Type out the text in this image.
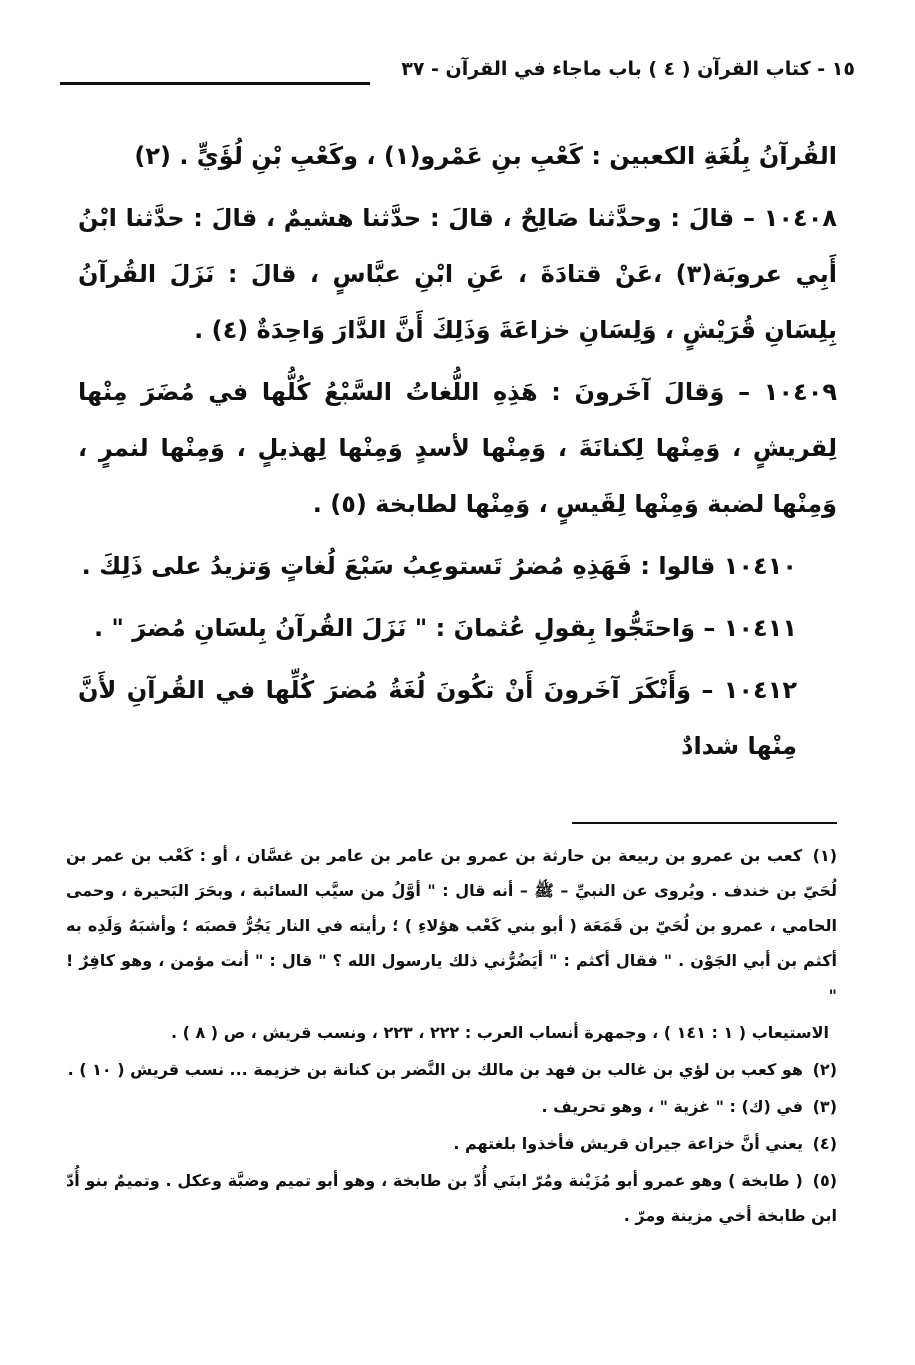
١٥ - كتاب القرآن ( ٤ ) باب ماجاء في القرآن - ٣٧

القُرآنُ بِلُغَةِ الكعبين : كَعْبِ بنِ عَمْرو(١) ، وكَعْبِ بْنِ لُؤَيٍّ . (٢)

١٠٤٠٨ – قالَ : وحدَّثنا صَالِحٌ ، قالَ : حدَّثنا هشيمٌ ، قالَ : حدَّثنا ابْنُ أَبِي عروبَة(٣) ،عَنْ قتادَةَ ، عَنِ ابْنِ عبَّاسٍ ، قالَ : نَزَلَ القُرآنُ بِلِسَانِ قُرَيْشٍ ، وَلِسَانِ خزاعَةَ وَذَلِكَ أَنَّ الدَّارَ وَاحِدَةٌ (٤) .

١٠٤٠٩ – وَقالَ آخَرونَ : هَذِهِ اللُّغاتُ السَّبْعُ كُلُّها في مُضَرَ مِنْها لِقريشٍ ، وَمِنْها لِكنانَةَ ، وَمِنْها لأسدٍ وَمِنْها لِهذيلٍ ، وَمِنْها لنمرٍ ، وَمِنْها لضبة وَمِنْها لِقَيسٍ ، وَمِنْها لطابخة (٥) .

١٠٤١٠ قالوا : فَهَذِهِ مُضرُ تَستوعِبُ سَبْعَ لُغاتٍ وَتزيدُ على ذَلِكَ .

١٠٤١١ – وَاحتَجُّوا بِقولِ عُثمانَ : " نَزَلَ القُرآنُ بِلسَانِ مُضرَ " .

١٠٤١٢ – وَأَنْكَرَ آخَرونَ أَنْ تكُونَ لُغَةُ مُضرَ كُلِّها في القُرآنِ لأَنَّ مِنْها شدادٌ

(١) كعب بن عمرو بن ربيعة بن حارثة بن عمرو بن عامر بن عامر بن غسَّان ، أو : كَعْب بن عمر بن لُحَيّ بن خندف . ويُروى عن النبيِّ – ﷺ – أنه قال : " أوَّلُ من سيَّب السائبة ، وبحَرَ البَحيرة ، وحمى الحامي ، عمرو بن لُحَيّ بن قَمَعَة ( أبو بني كَعْب هؤلاءِ ) ؛ رأيته في النار يَجُرُّ قصبَه ؛ وأشبَهُ وَلَدِه به أكثم بن أبي الجَوْن . " فقال أكثم : " أيَضُرُّني ذلك يارسول الله ؟ " قال : " أنت مؤمن ، وهو كافِرٌ ! "
الاستيعاب ( ١ : ١٤١ ) ، وجمهرة أنساب العرب : ٢٢٢ ، ٢٢٣ ، ونسب قريش ، ص ( ٨ ) .
(٢) هو كعب بن لؤي بن غالب بن فهد بن مالك بن النَّضر بن كنانة بن خزيمة ... نسب قريش ( ١٠ ) .
(٣) في (ك) : " غزية " ، وهو تحريف .
(٤) يعني أنَّ خزاعة جيران قريش فأخذوا بلغتهم .
(٥) ( طابخة ) وهو عمرو أبو مُزَيْنة ومُرّ ابنَي أُدّ بن طابخة ، وهو أبو تميم وضبَّة وعكل . وتميمٌ بنو أُدّ ابن طابخة أخي مزينة ومرّ .
